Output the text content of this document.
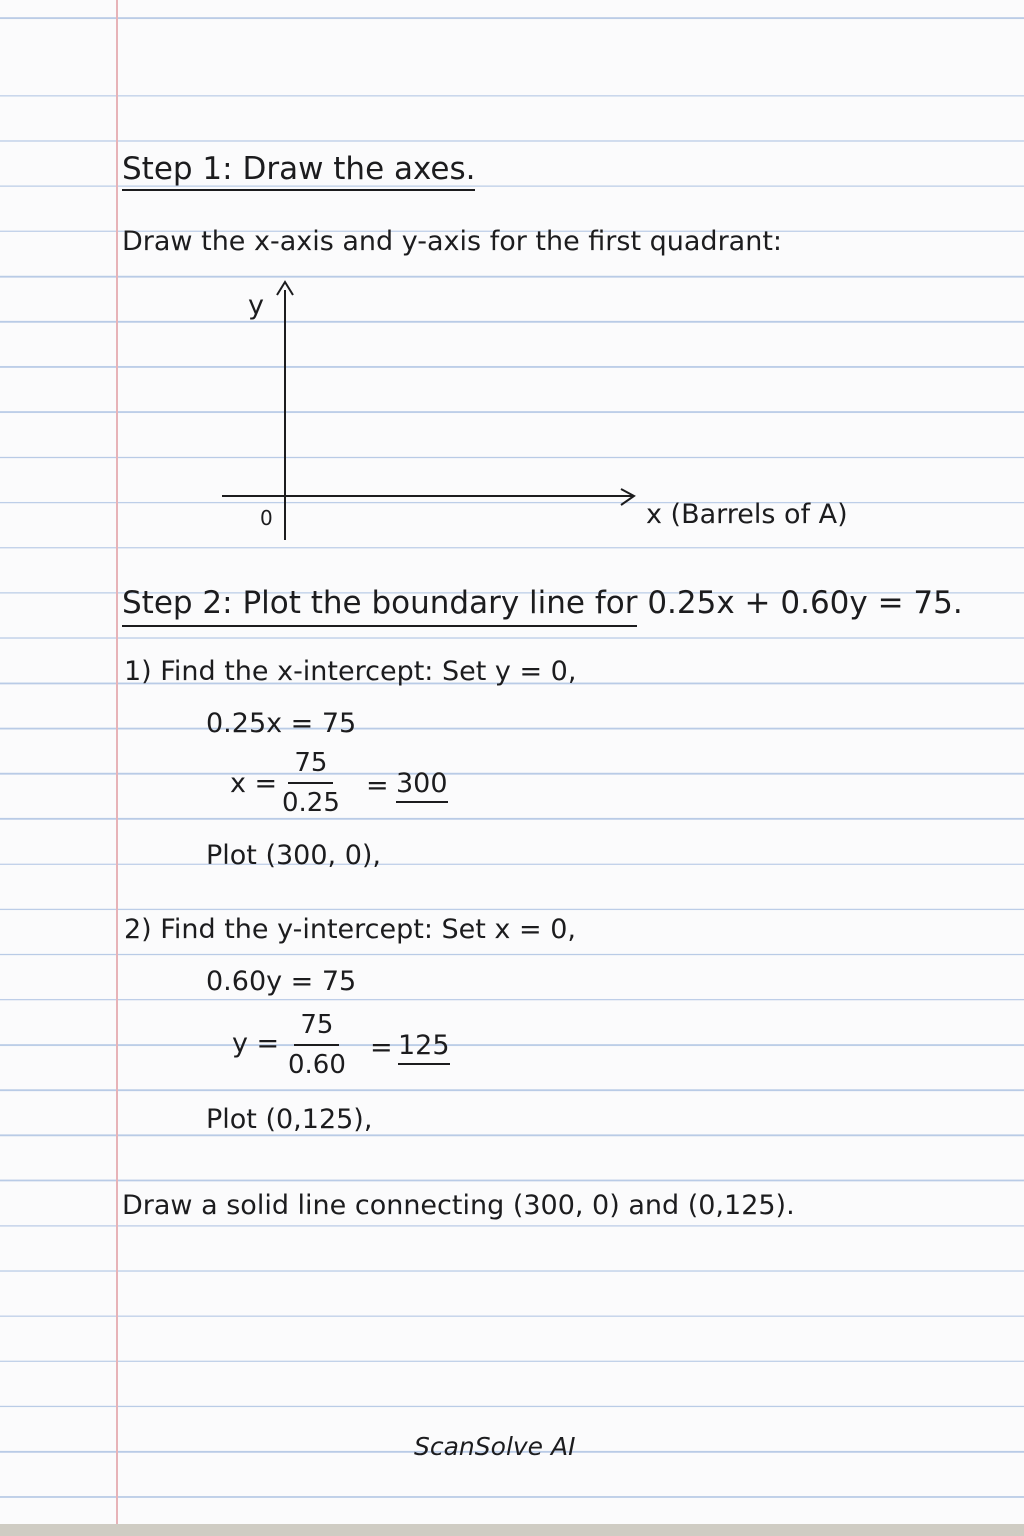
Step 1: Draw the axes.
Draw the x-axis and y-axis for the first quadrant:
y
0	x (Barrels of A)
Step 2: Plot the boundary line for 0.25x + 0.60y = 75.
1) Find the x-intercept: Set y = 0,
0.25x = 75
$x = \frac{75}{0.25} = 300$
Plot (300, 0),
2) Find the y-intercept: Set x = 0,
0.60y = 75
$y = \frac{75}{0.60} = 125$
Plot (0,125),
Draw a solid line connecting (300, 0) and (0,125).
ScanSolve AI
